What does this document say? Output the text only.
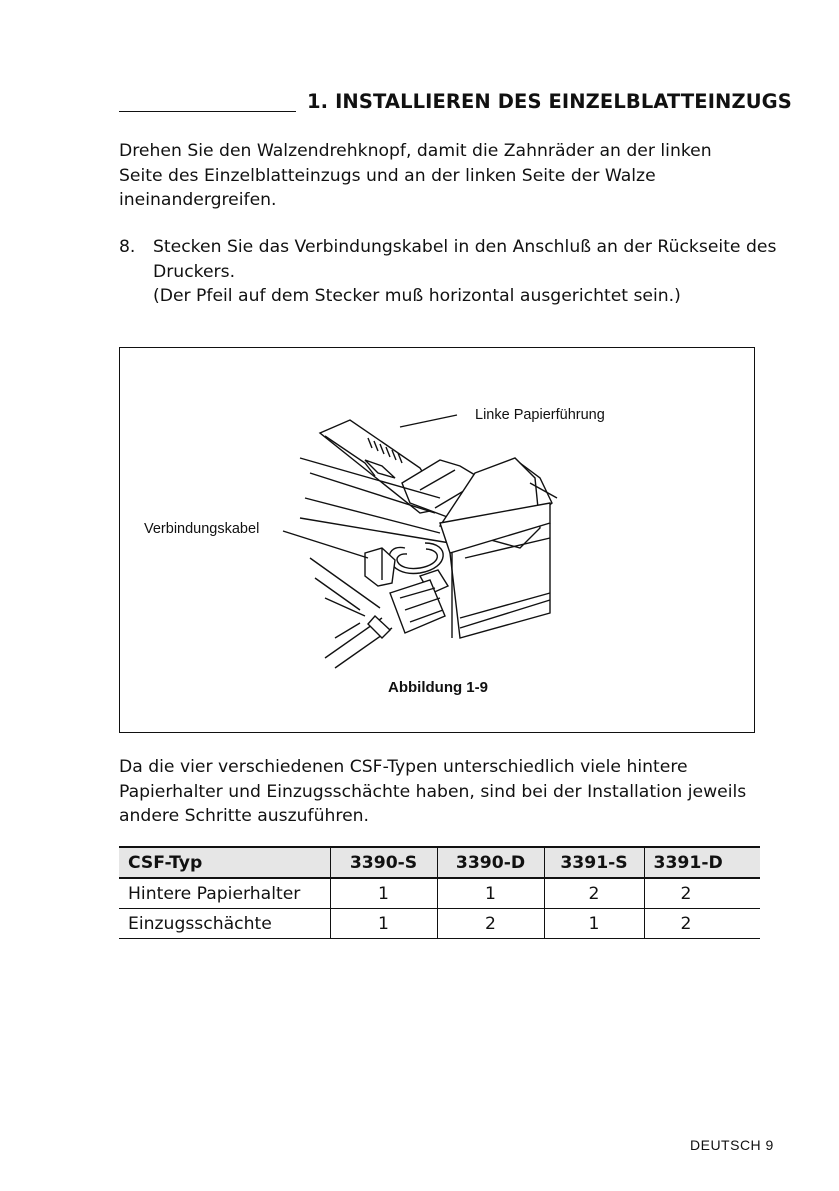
1. INSTALLIEREN DES EINZELBLATTEINZUGS
Drehen Sie den Walzendrehknopf, damit die Zahnräder an der linken Seite des Einzelblatteinzugs und an der linken Seite der Walze ineinandergreifen.
8. Stecken Sie das Verbindungskabel in den Anschluß an der Rückseite des Druckers.
(Der Pfeil auf dem Stecker muß horizontal ausgerichtet sein.)
Verbindungskabel
Linke Papierführung
Abbildung 1-9
Da die vier verschiedenen CSF-Typen unterschiedlich viele hintere Papierhalter und Einzugsschächte haben, sind bei der Installation jeweils andere Schritte auszuführen.
CSF-Typ	3390-S	3390-D	3391-S	3391-D
Hintere Papierhalter	1	1	2	2
Einzugsschächte	1	2	1	2
DEUTSCH 9
